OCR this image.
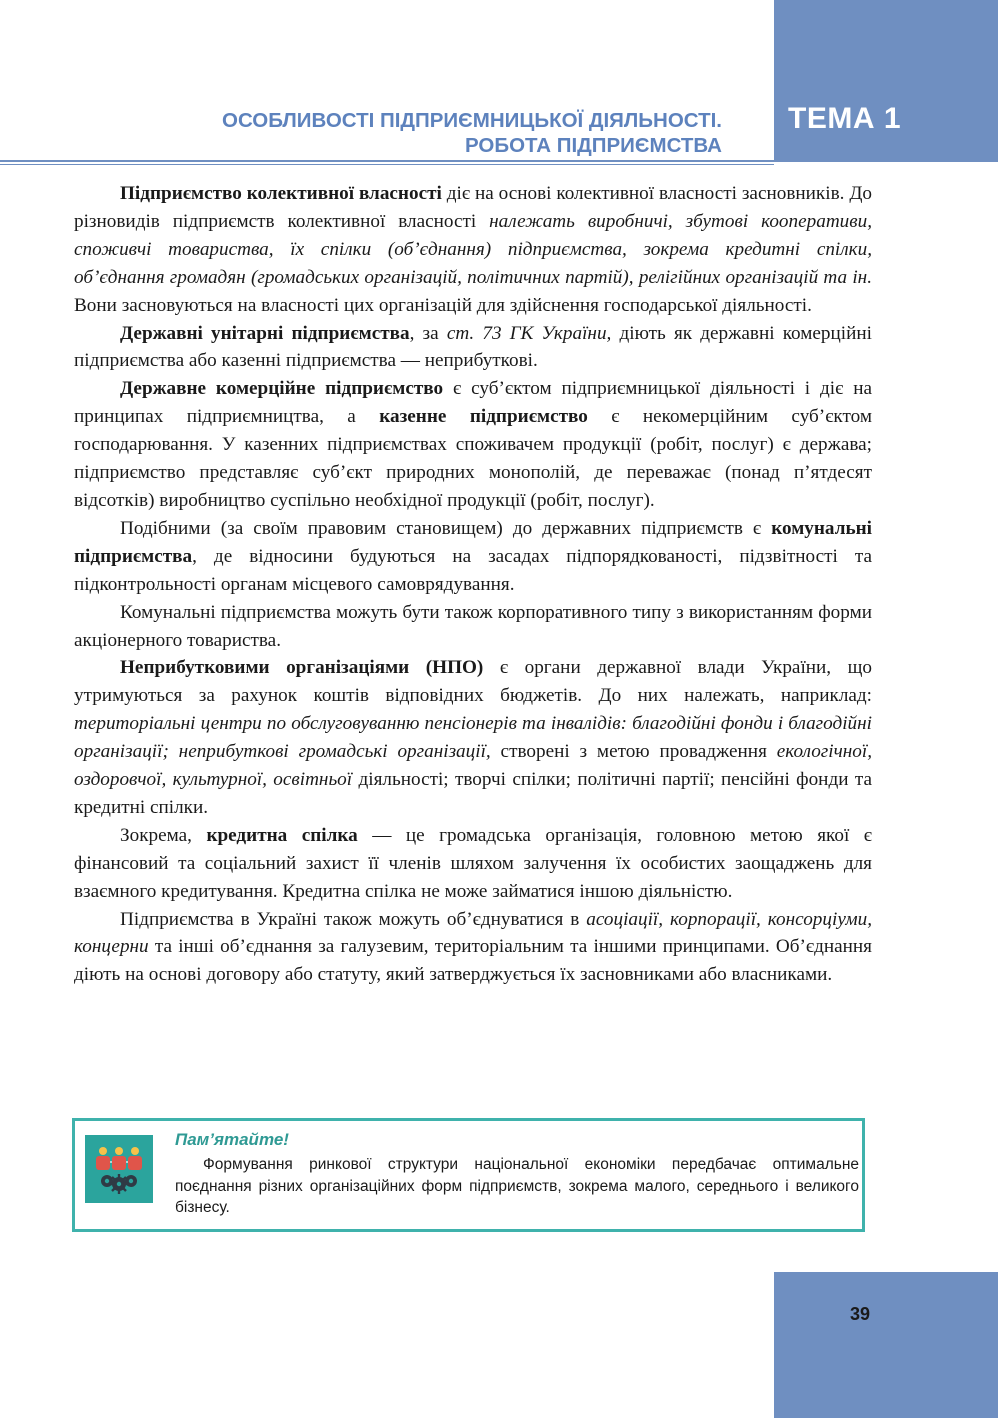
ТЕМА 1
ОСОБЛИВОСТІ ПІДПРИЄМНИЦЬКОЇ ДІЯЛЬНОСТІ.
РОБОТА ПІДПРИЄМСТВА

Підприємство колективної власності діє на основі колективної власності засновників. До різновидів підприємств колективної власності належать виробничі, збутові кооперативи, споживчі товариства, їх спілки (об’єднання) підприємства, зокрема кредитні спілки, об’єднання громадян (громадських організацій, політичних партій), релігійних організацій та ін. Вони засновуються на власності цих організацій для здійснення господарської діяльності.

Державні унітарні підприємства, за ст. 73 ГК України, діють як державні комерційні підприємства або казенні підприємства — неприбуткові.

Державне комерційне підприємство є суб’єктом підприємницької діяльності і діє на принципах підприємництва, а казенне підприємство є некомерційним суб’єктом господарювання. У казенних підприємствах споживачем продукції (робіт, послуг) є держава; підприємство представляє суб’єкт природних монополій, де переважає (понад п’ятдесят відсотків) виробництво суспільно необхідної продукції (робіт, послуг).

Подібними (за своїм правовим становищем) до державних підприємств є комунальні підприємства, де відносини будуються на засадах підпорядкованості, підзвітності та підконтрольності органам місцевого самоврядування.

Комунальні підприємства можуть бути також корпоративного типу з використанням форми акціонерного товариства.

Неприбутковими організаціями (НПО) є органи державної влади України, що утримуються за рахунок коштів відповідних бюджетів. До них належать, наприклад: територіальні центри по обслуговуванню пенсіонерів та інвалідів: благодійні фонди і благодійні організації; неприбуткові громадські організації, створені з метою провадження екологічної, оздоровчої, культурної, освітньої діяльності; творчі спілки; політичні партії; пенсійні фонди та кредитні спілки.

Зокрема, кредитна спілка — це громадська організація, головною метою якої є фінансовий та соціальний захист її членів шляхом залучення їх особистих заощаджень для взаємного кредитування. Кредитна спілка не може займатися іншою діяльністю.

Підприємства в Україні також можуть об’єднуватися в асоціації, корпорації, консорціуми, концерни та інші об’єднання за галузевим, територіальним та іншими принципами. Об’єднання діють на основі договору або статуту, який затверджується їх засновниками або власниками.

Пам’ятайте!
Формування ринкової структури національної економіки передбачає оптимальне поєднання різних організаційних форм підприємств, зокрема малого, середнього і великого бізнесу.
39
